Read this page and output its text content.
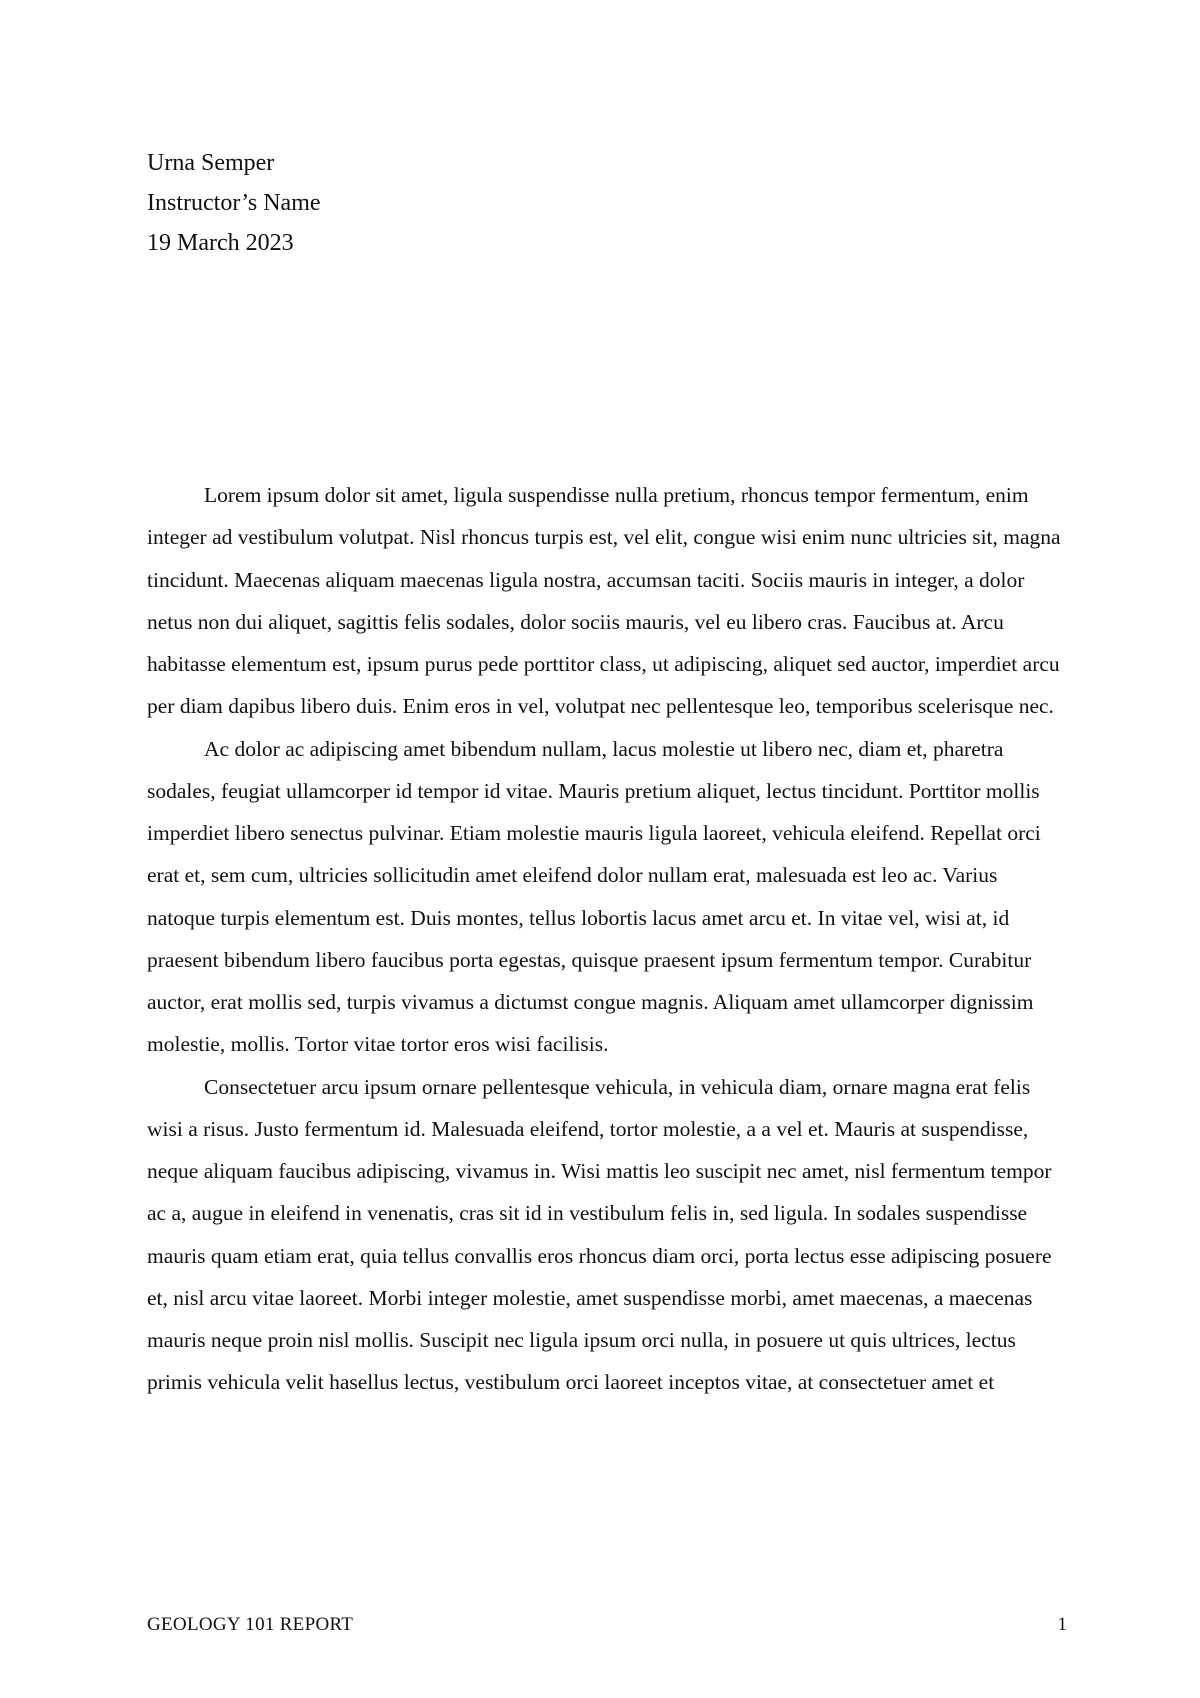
Urna Semper
Instructor’s Name
19 March 2023

Lorem ipsum dolor sit amet, ligula suspendisse nulla pretium, rhoncus tempor fermentum, enim integer ad vestibulum volutpat. Nisl rhoncus turpis est, vel elit, congue wisi enim nunc ultricies sit, magna tincidunt. Maecenas aliquam maecenas ligula nostra, accumsan taciti. Sociis mauris in integer, a dolor netus non dui aliquet, sagittis felis sodales, dolor sociis mauris, vel eu libero cras. Faucibus at. Arcu habitasse elementum est, ipsum purus pede porttitor class, ut adipiscing, aliquet sed auctor, imperdiet arcu per diam dapibus libero duis. Enim eros in vel, volutpat nec pellentesque leo, temporibus scelerisque nec.

Ac dolor ac adipiscing amet bibendum nullam, lacus molestie ut libero nec, diam et, pharetra sodales, feugiat ullamcorper id tempor id vitae. Mauris pretium aliquet, lectus tincidunt. Porttitor mollis imperdiet libero senectus pulvinar. Etiam molestie mauris ligula laoreet, vehicula eleifend. Repellat orci erat et, sem cum, ultricies sollicitudin amet eleifend dolor nullam erat, malesuada est leo ac. Varius natoque turpis elementum est. Duis montes, tellus lobortis lacus amet arcu et. In vitae vel, wisi at, id praesent bibendum libero faucibus porta egestas, quisque praesent ipsum fermentum tempor. Curabitur auctor, erat mollis sed, turpis vivamus a dictumst congue magnis. Aliquam amet ullamcorper dignissim molestie, mollis. Tortor vitae tortor eros wisi facilisis.

Consectetuer arcu ipsum ornare pellentesque vehicula, in vehicula diam, ornare magna erat felis wisi a risus. Justo fermentum id. Malesuada eleifend, tortor molestie, a a vel et. Mauris at suspendisse, neque aliquam faucibus adipiscing, vivamus in. Wisi mattis leo suscipit nec amet, nisl fermentum tempor ac a, augue in eleifend in venenatis, cras sit id in vestibulum felis in, sed ligula. In sodales suspendisse mauris quam etiam erat, quia tellus convallis eros rhoncus diam orci, porta lectus esse adipiscing posuere et, nisl arcu vitae laoreet. Morbi integer molestie, amet suspendisse morbi, amet maecenas, a maecenas mauris neque proin nisl mollis. Suscipit nec ligula ipsum orci nulla, in posuere ut quis ultrices, lectus primis vehicula velit hasellus lectus, vestibulum orci laoreet inceptos vitae, at consectetuer amet et

GEOLOGY 101 REPORT	1
